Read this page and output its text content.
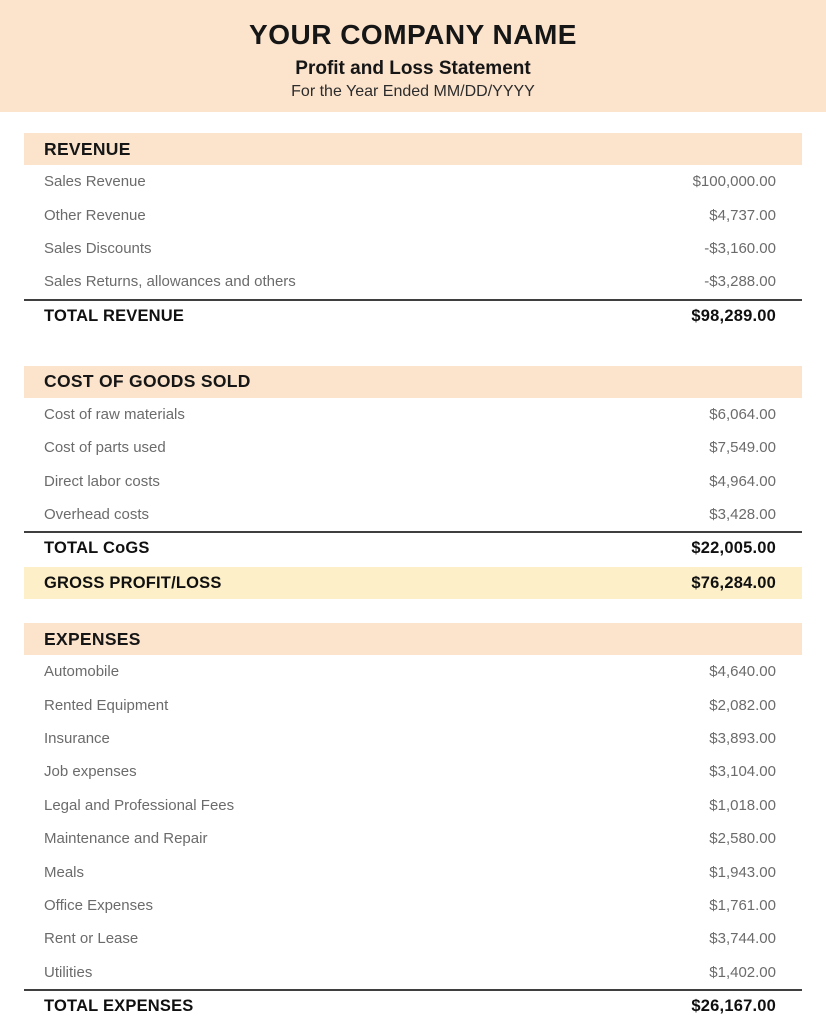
YOUR COMPANY NAME
Profit and Loss Statement
For the Year Ended MM/DD/YYYY
REVENUE
Sales Revenue	$100,000.00
Other Revenue	$4,737.00
Sales Discounts	-$3,160.00
Sales Returns, allowances and others	-$3,288.00
TOTAL REVENUE	$98,289.00
COST OF GOODS SOLD
Cost of raw materials	$6,064.00
Cost of parts used	$7,549.00
Direct labor costs	$4,964.00
Overhead costs	$3,428.00
TOTAL CoGS	$22,005.00
GROSS PROFIT/LOSS	$76,284.00
EXPENSES
Automobile	$4,640.00
Rented Equipment	$2,082.00
Insurance	$3,893.00
Job expenses	$3,104.00
Legal and Professional Fees	$1,018.00
Maintenance and Repair	$2,580.00
Meals	$1,943.00
Office Expenses	$1,761.00
Rent or Lease	$3,744.00
Utilities	$1,402.00
TOTAL EXPENSES	$26,167.00
